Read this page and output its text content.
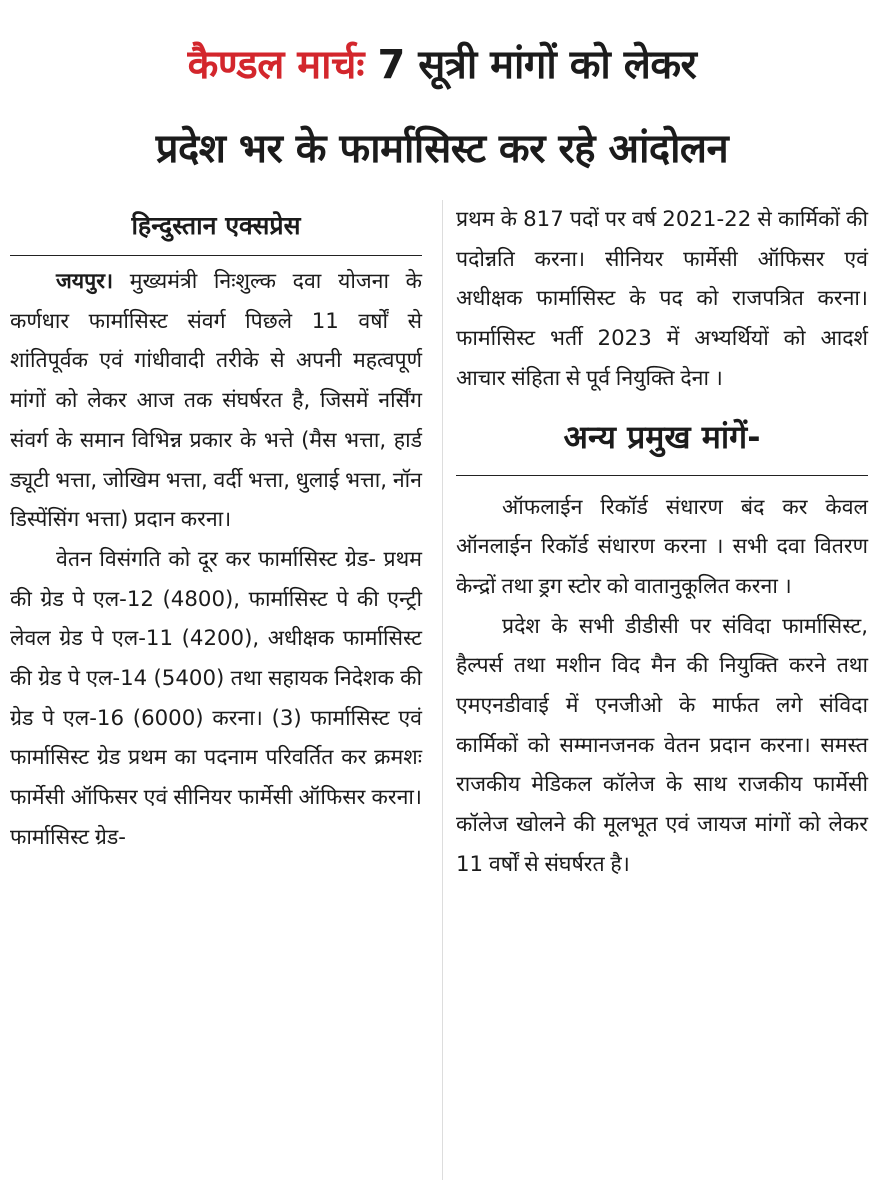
कैण्डल मार्चः 7 सूत्री मांगों को लेकर
प्रदेश भर के फार्मासिस्ट कर रहे आंदोलन
हिन्दुस्तान एक्सप्रेस

जयपुर। मुख्यमंत्री निःशुल्क दवा योजना के कर्णधार फार्मासिस्ट संवर्ग पिछले 11 वर्षों से शांतिपूर्वक एवं गांधीवादी तरीके से अपनी महत्वपूर्ण मांगों को लेकर आज तक संघर्षरत है, जिसमें नर्सिंग संवर्ग के समान विभिन्न प्रकार के भत्ते (मैस भत्ता, हार्ड ड्यूटी भत्ता, जोखिम भत्ता, वर्दी भत्ता, धुलाई भत्ता, नॉन डिस्पेंसिंग भत्ता) प्रदान करना।

वेतन विसंगति को दूर कर फार्मासिस्ट ग्रेड- प्रथम की ग्रेड पे एल-12 (4800), फार्मासिस्ट पे की एन्ट्री लेवल ग्रेड पे एल-11 (4200), अधीक्षक फार्मासिस्ट की ग्रेड पे एल-14 (5400) तथा सहायक निदेशक की ग्रेड पे एल-16 (6000) करना। (3) फार्मासिस्ट एवं फार्मासिस्ट ग्रेड प्रथम का पदनाम परिवर्तित कर क्रमशः फार्मेसी ऑफिसर एवं सीनियर फार्मेसी ऑफिसर करना। फार्मासिस्ट ग्रेड-

प्रथम के 817 पदों पर वर्ष 2021-22 से कार्मिकों की पदोन्नति करना। सीनियर फार्मेसी ऑफिसर एवं अधीक्षक फार्मासिस्ट के पद को राजपत्रित करना। फार्मासिस्ट भर्ती 2023 में अभ्यर्थियों को आदर्श आचार संहिता से पूर्व नियुक्ति देना ।

अन्य प्रमुख मांगें-

ऑफलाईन रिकॉर्ड संधारण बंद कर केवल ऑनलाईन रिकॉर्ड संधारण करना । सभी दवा वितरण केन्द्रों तथा ड्रग स्टोर को वातानुकूलित करना ।

प्रदेश के सभी डीडीसी पर संविदा फार्मासिस्ट, हैल्पर्स तथा मशीन विद मैन की नियुक्ति करने तथा एमएनडीवाई में एनजीओ के मार्फत लगे संविदा कार्मिकों को सम्मानजनक वेतन प्रदान करना। समस्त राजकीय मेडिकल कॉलेज के साथ राजकीय फार्मेसी कॉलेज खोलने की मूलभूत एवं जायज मांगों को लेकर 11 वर्षों से संघर्षरत है।
